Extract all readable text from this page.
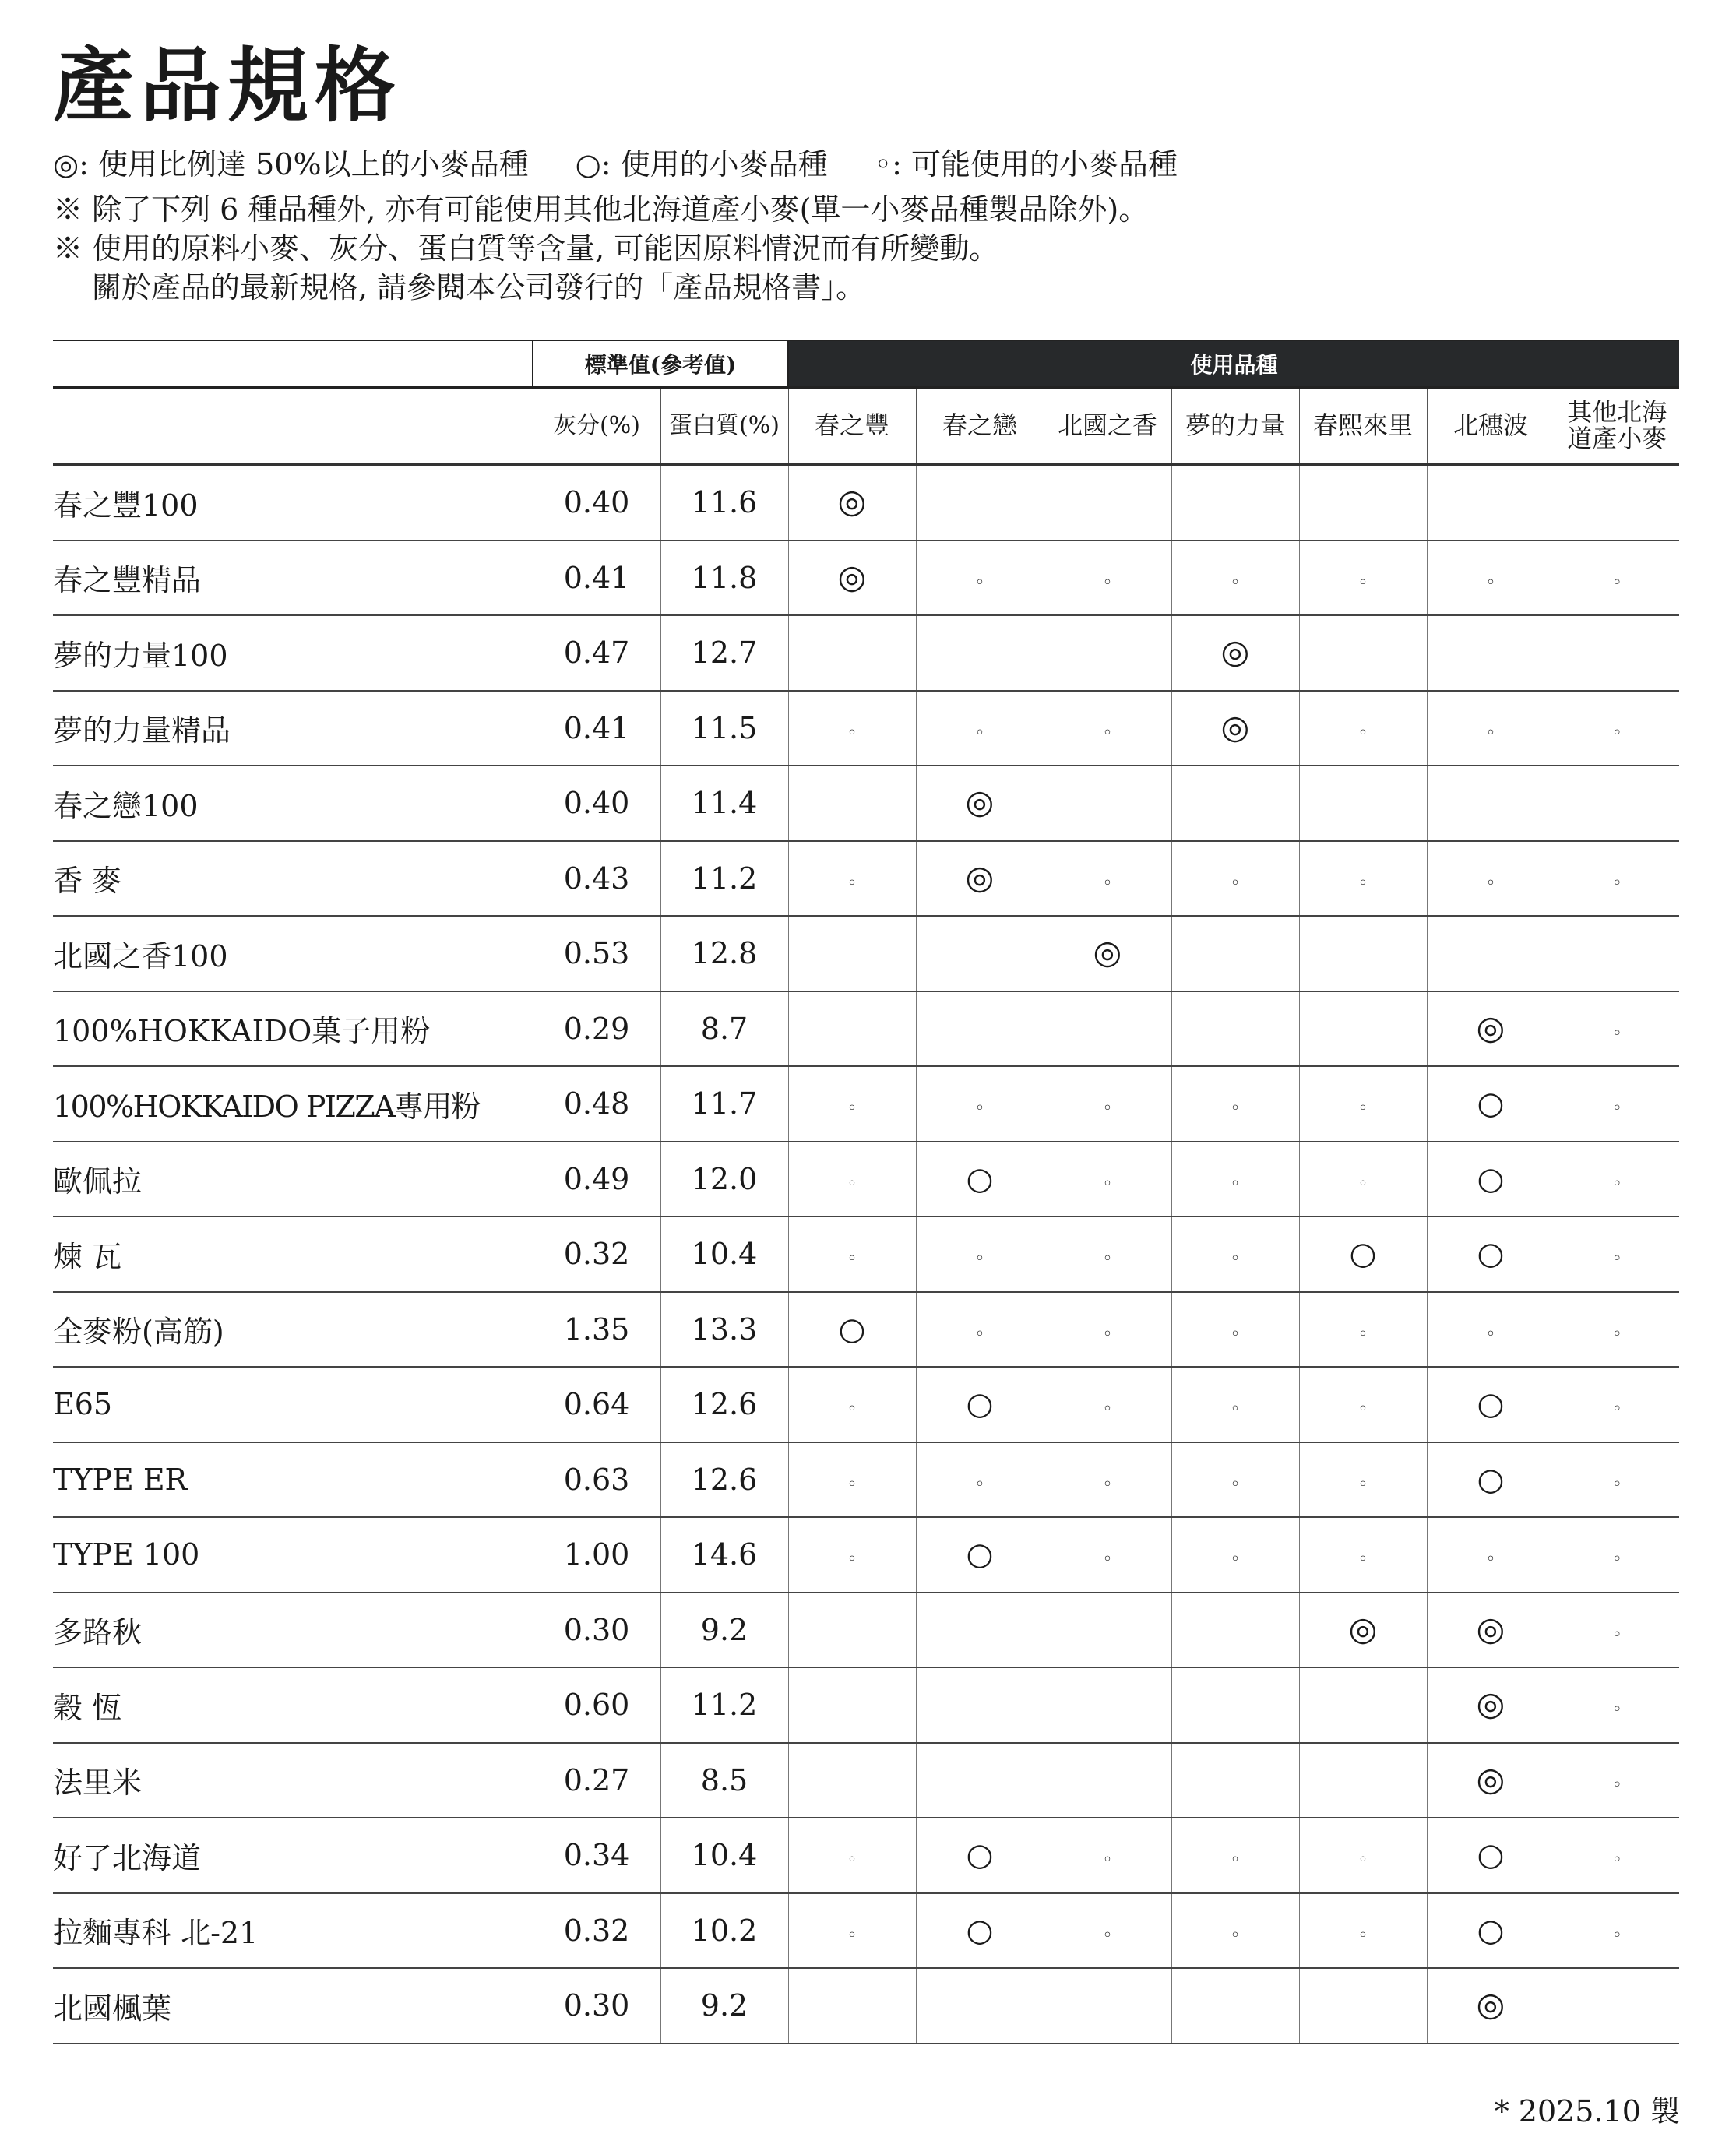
產品規格
◎: 使用比例達 50%以上的小麥品種 ○: 使用的小麥品種 ◦: 可能使用的小麥品種
※ 除了下列 6 種品種外, 亦有可能使用其他北海道產小麥(單一小麥品種製品除外)。
※ 使用的原料小麥、灰分、蛋白質等含量, 可能因原料情況而有所變動。
關於產品的最新規格, 請參閱本公司發行的「產品規格書」。
	標準值(參考值)		使用品種						
	灰分(%)	蛋白質(%)	春之豐	春之戀	北國之香	夢的力量	春熙來里	北穗波	其他北海
道產小麥
春之豐100	0.40	11.6	◎						
春之豐精品	0.41	11.8	◎	◦	◦	◦	◦	◦	◦
夢的力量100	0.47	12.7				◎			
夢的力量精品	0.41	11.5	◦	◦	◦	◎	◦	◦	◦
春之戀100	0.40	11.4		◎					
香 麥	0.43	11.2	◦	◎	◦	◦	◦	◦	◦
北國之香100	0.53	12.8			◎				
100%HOKKAIDO菓子用粉	0.29	8.7						◎	◦
100%HOKKAIDO PIZZA專用粉	0.48	11.7	◦	◦	◦	◦	◦	○	◦
歐佩拉	0.49	12.0	◦	○	◦	◦	◦	○	◦
煉 瓦	0.32	10.4	◦	◦	◦	◦	○	○	◦
全麥粉(高筋)	1.35	13.3	○	◦	◦	◦	◦	◦	◦
E65	0.64	12.6	◦	○	◦	◦	◦	○	◦
TYPE ER	0.63	12.6	◦	◦	◦	◦	◦	○	◦
TYPE 100	1.00	14.6	◦	○	◦	◦	◦	◦	◦
多路秋	0.30	9.2					◎	◎	◦
穀 恆	0.60	11.2						◎	◦
法里米	0.27	8.5						◎	◦
好了北海道	0.34	10.4	◦	○	◦	◦	◦	○	◦
拉麵專科 北-21	0.32	10.2	◦	○	◦	◦	◦	○	◦
北國楓葉	0.30	9.2						◎	
* 2025.10 製
